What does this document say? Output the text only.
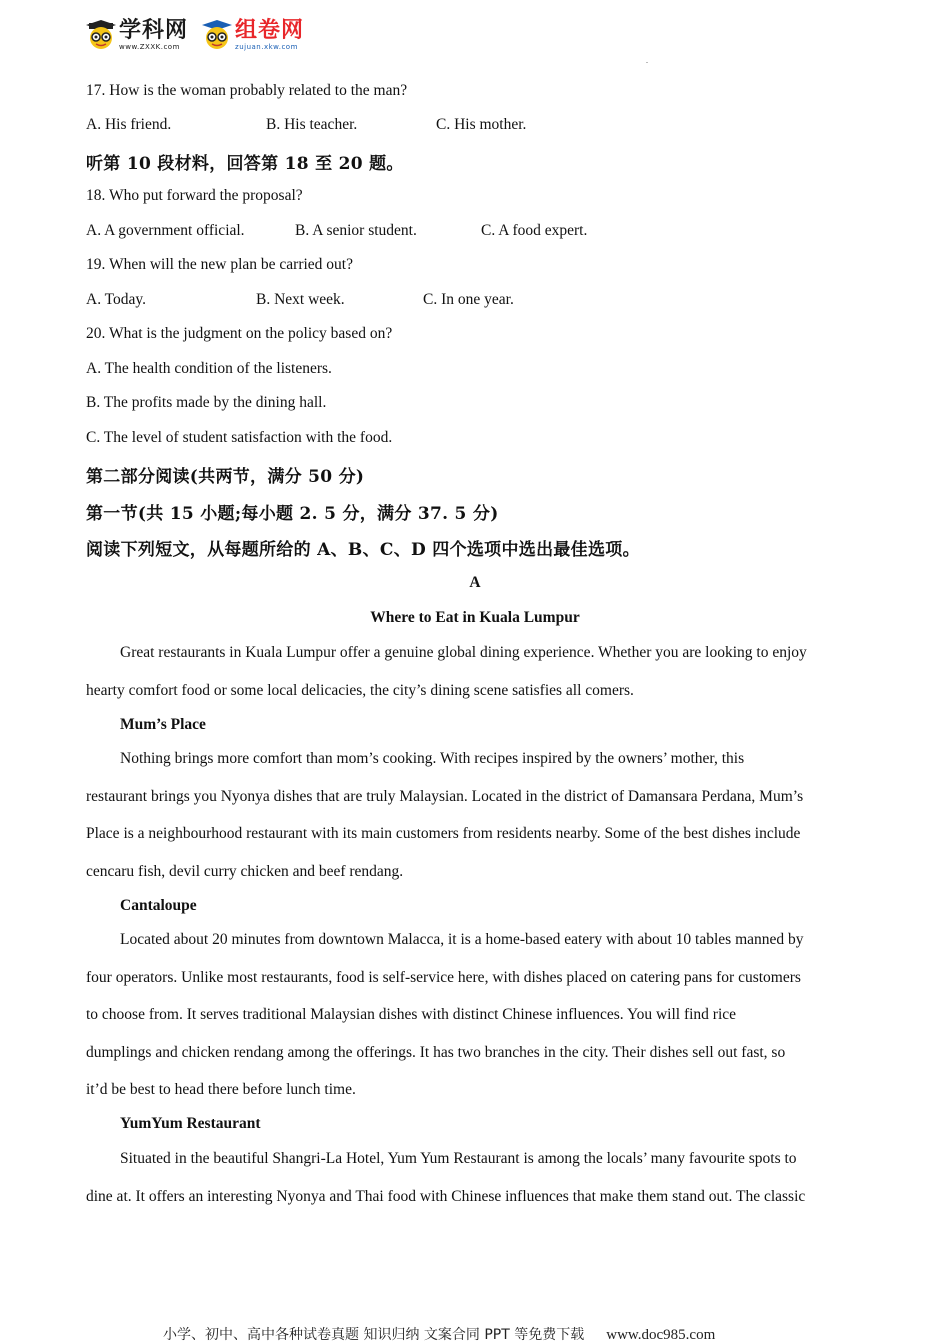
学科网
www.ZXXK.com
组卷网
zujuan.xkw.com
17. How is the woman probably related to the man?
A. His friend.	B. His teacher.	C. His mother.
听第 10 段材料，回答第 18 至 20 题。
18. Who put forward the proposal?
A. A government official.	B. A senior student.	C. A food expert.
19. When will the new plan be carried out?
A. Today.	B. Next week.	C. In one year.
20. What is the judgment on the policy based on?
A. The health condition of the listeners.
B. The profits made by the dining hall.
C. The level of student satisfaction with the food.
第二部分阅读(共两节，满分 50 分)
第一节(共 15 小题;每小题 2. 5 分，满分 37. 5 分)
阅读下列短文，从每题所给的 A、B、C、D 四个选项中选出最佳选项。
A
Where to Eat in Kuala Lumpur
Great restaurants in Kuala Lumpur offer a genuine global dining experience. Whether you are looking to enjoy
hearty comfort food or some local delicacies, the city’s dining scene satisfies all comers.
Mum’s Place
Nothing brings more comfort than mom’s cooking. With recipes inspired by the owners’ mother, this
restaurant brings you Nyonya dishes that are truly Malaysian. Located in the district of Damansara Perdana, Mum’s
Place is a neighbourhood restaurant with its main customers from residents nearby. Some of the best dishes include
cencaru fish, devil curry chicken and beef rendang.
Cantaloupe
Located about 20 minutes from downtown Malacca, it is a home-based eatery with about 10 tables manned by
four operators. Unlike most restaurants, food is self-service here, with dishes placed on catering pans for customers
to choose from. It serves traditional Malaysian dishes with distinct Chinese influences. You will find rice
dumplings and chicken rendang among the offerings. It has two branches in the city. Their dishes sell out fast, so
it’d be best to head there before lunch time.
YumYum Restaurant
Situated in the beautiful Shangri-La Hotel, Yum Yum Restaurant is among the locals’ many favourite spots to
dine at. It offers an interesting Nyonya and Thai food with Chinese influences that make them stand out. The classic
小学、初中、高中各种试卷真题 知识归纳 文案合同 PPT 等免费下载 www.doc985.com
